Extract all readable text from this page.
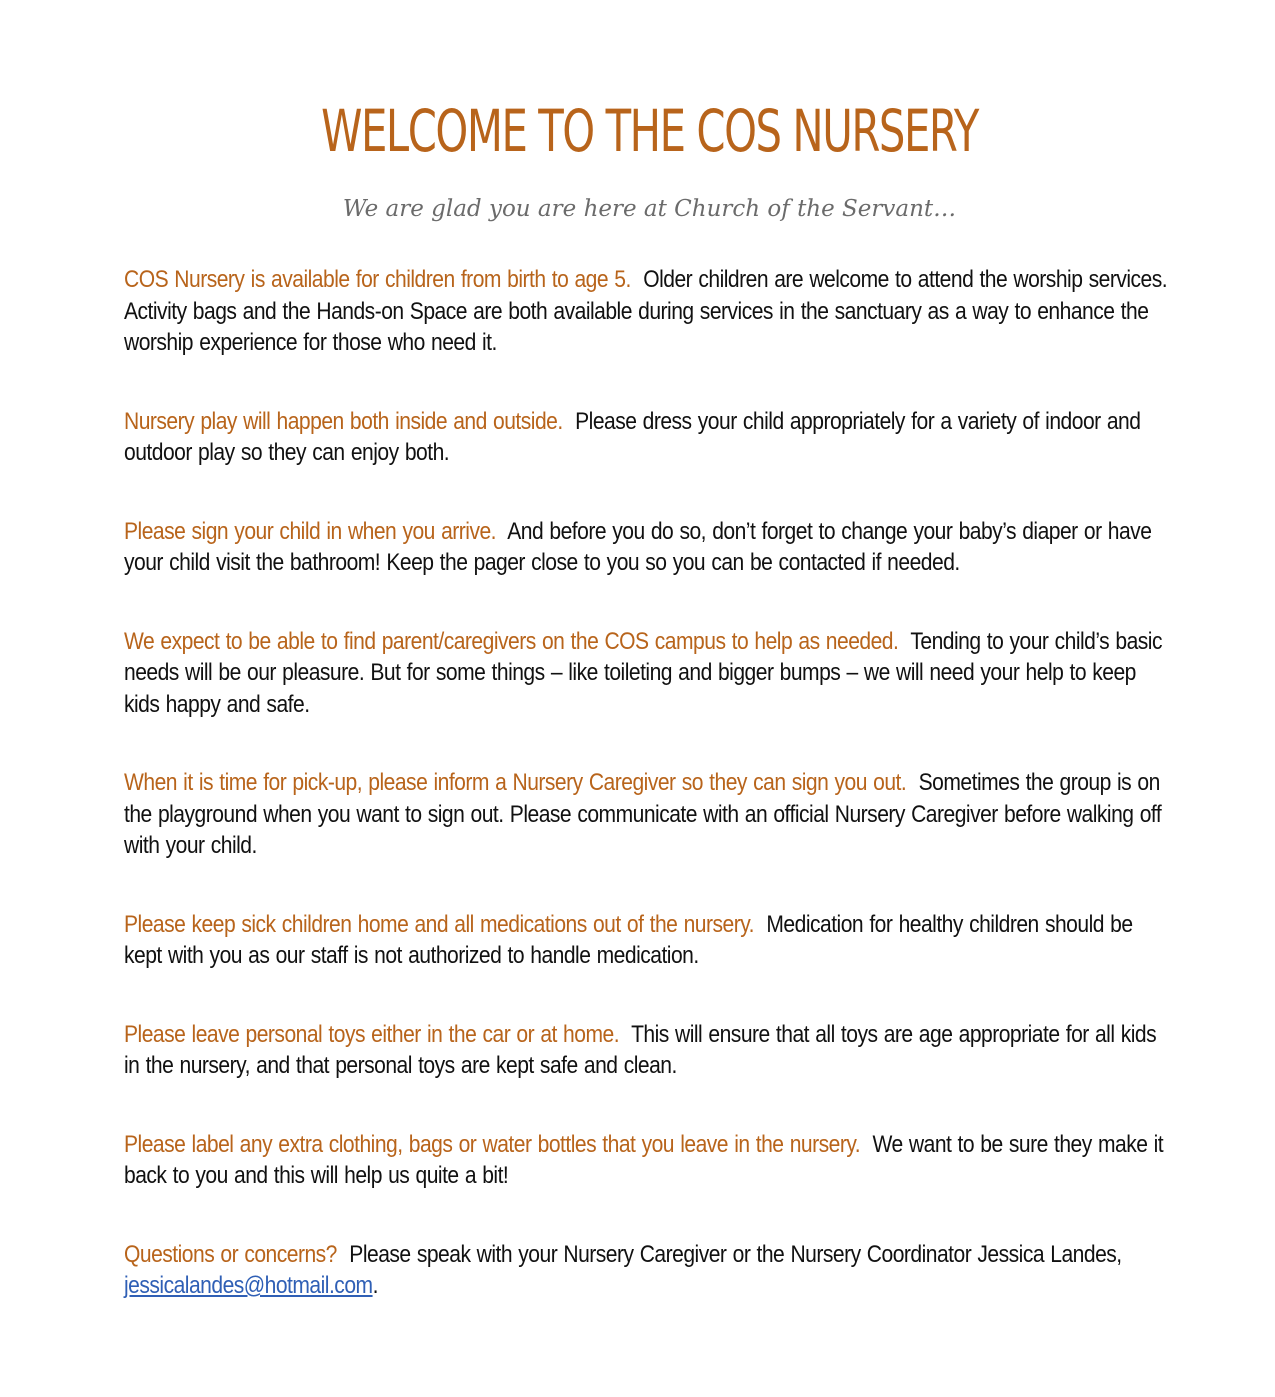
WELCOME TO THE COS NURSERY
We are glad you are here at Church of the Servant…

COS Nursery is available for children from birth to age 5. Older children are welcome to attend the worship services. Activity bags and the Hands-on Space are both available during services in the sanctuary as a way to enhance the worship experience for those who need it.

Nursery play will happen both inside and outside. Please dress your child appropriately for a variety of indoor and outdoor play so they can enjoy both.

Please sign your child in when you arrive. And before you do so, don’t forget to change your baby’s diaper or have your child visit the bathroom! Keep the pager close to you so you can be contacted if needed.

We expect to be able to find parent/caregivers on the COS campus to help as needed. Tending to your child’s basic needs will be our pleasure. But for some things – like toileting and bigger bumps – we will need your help to keep kids happy and safe.

When it is time for pick-up, please inform a Nursery Caregiver so they can sign you out. Sometimes the group is on the playground when you want to sign out. Please communicate with an official Nursery Caregiver before walking off with your child.

Please keep sick children home and all medications out of the nursery. Medication for healthy children should be kept with you as our staff is not authorized to handle medication.

Please leave personal toys either in the car or at home. This will ensure that all toys are age appropriate for all kids in the nursery, and that personal toys are kept safe and clean.

Please label any extra clothing, bags or water bottles that you leave in the nursery. We want to be sure they make it back to you and this will help us quite a bit!

Questions or concerns? Please speak with your Nursery Caregiver or the Nursery Coordinator Jessica Landes, jessicalandes@hotmail.com.
